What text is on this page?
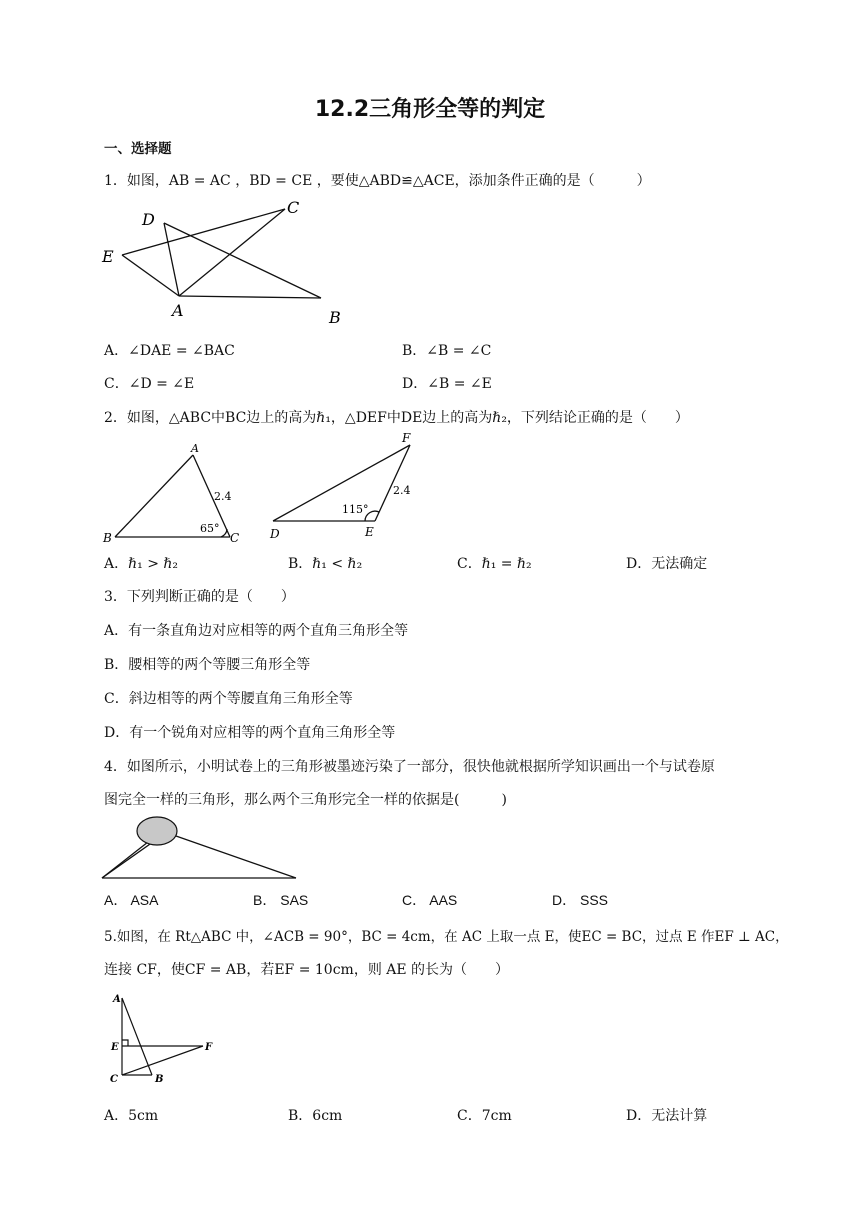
12.2三角形全等的判定
一、选择题
1．如图，AB = AC ，BD = CE ，要使△ABD≌△ACE，添加条件正确的是（　　　）
D
C
E
A	B
A．∠DAE = ∠BAC	B．∠B = ∠C
C．∠D = ∠E	D．∠B = ∠E
2．如图，△ABC中BC边上的高为ℏ₁，△DEF中DE边上的高为ℏ₂，下列结论正确的是（　　）
A
B	C
2.4
65°
F
D	E
2.4
115°
A．ℏ₁ > ℏ₂	B．ℏ₁ < ℏ₂	C．ℏ₁ = ℏ₂	D．无法确定
3．下列判断正确的是（　　）
A．有一条直角边对应相等的两个直角三角形全等
B．腰相等的两个等腰三角形全等
C．斜边相等的两个等腰直角三角形全等
D．有一个锐角对应相等的两个直角三角形全等
4．如图所示，小明试卷上的三角形被墨迹污染了一部分，很快他就根据所学知识画出一个与试卷原
图完全一样的三角形，那么两个三角形完全一样的依据是(　　　)
A． ASA	B． SAS	C． AAS	D． SSS
5.如图，在 Rt△ABC 中，∠ACB = 90°，BC = 4cm，在 AC 上取一点 E，使EC = BC，过点 E 作EF ⊥ AC，
连接 CF，使CF = AB，若EF = 10cm，则 AE 的长为（　　）
A
E	F
C	B
A．5cm	B．6cm	C．7cm	D．无法计算
